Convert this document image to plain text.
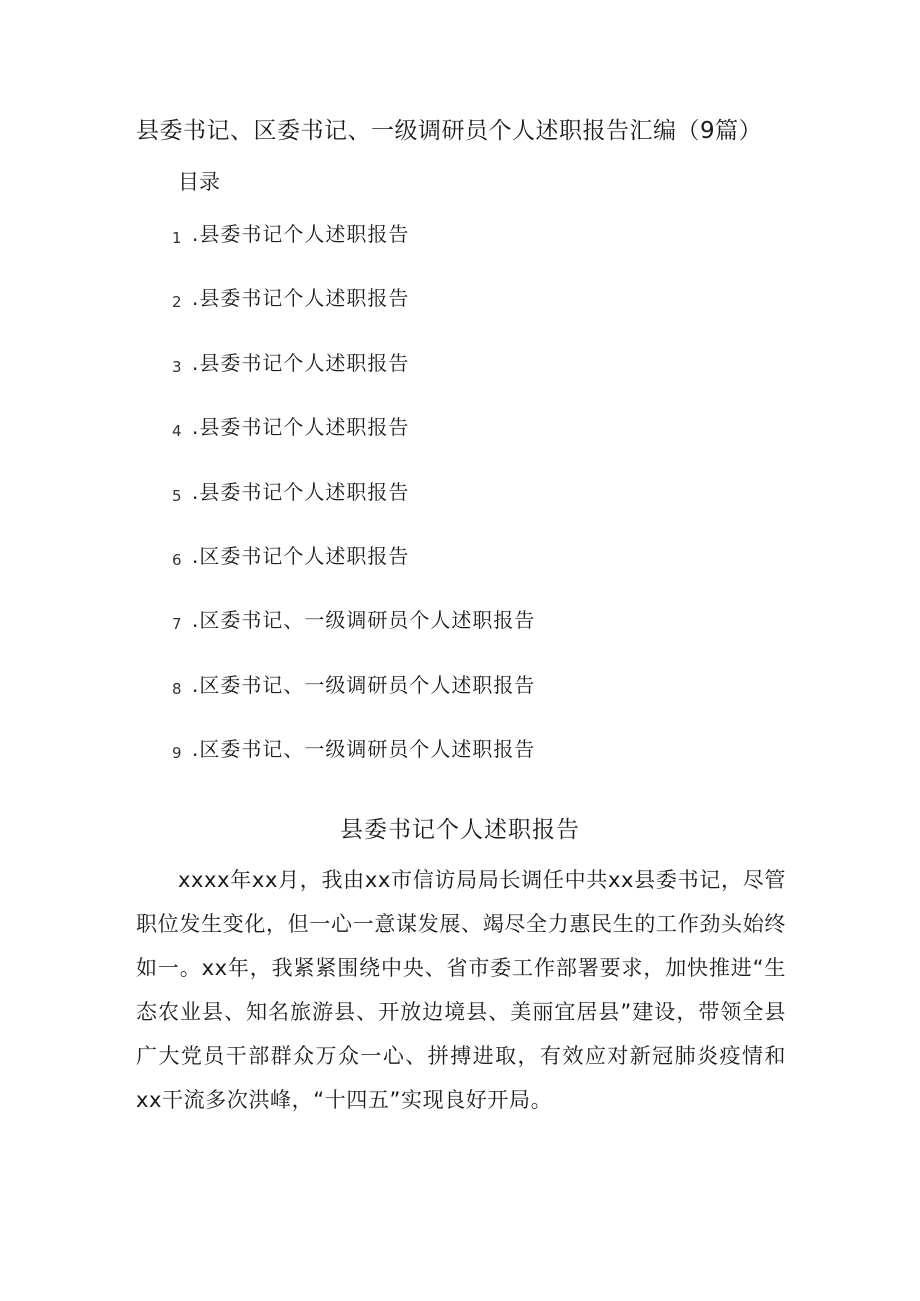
县委书记、区委书记、一级调研员个人述职报告汇编（9篇）
目录
1 .县委书记个人述职报告
2 .县委书记个人述职报告
3 .县委书记个人述职报告
4 .县委书记个人述职报告
5 .县委书记个人述职报告
6 .区委书记个人述职报告
7 .区委书记、一级调研员个人述职报告
8 .区委书记、一级调研员个人述职报告
9 .区委书记、一级调研员个人述职报告
县委书记个人述职报告

xxxx年xx月，我由xx市信访局局长调任中共xx县委书记，尽管职位发生变化，但一心一意谋发展、竭尽全力惠民生的工作劲头始终如一。xx年，我紧紧围绕中央、省市委工作部署要求，加快推进“生态农业县、知名旅游县、开放边境县、美丽宜居县”建设，带领全县广大党员干部群众万众一心、拼搏进取，有效应对新冠肺炎疫情和xx干流多次洪峰，“十四五”实现良好开局。
